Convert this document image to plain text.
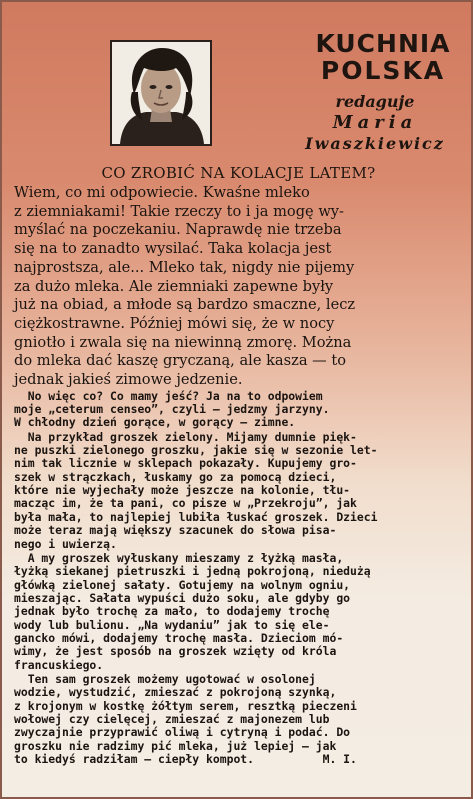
KUCHNIA
POLSKA
redaguje
Maria
Iwaszkiewicz
CO ZROBIĆ NA KOLACJE LATEM?

Wiem, co mi odpowiecie. Kwaśne mleko
z ziemniakami! Takie rzeczy to i ja mogę wy-
myślać na poczekaniu. Naprawdę nie trzeba
się na to zanadto wysilać. Taka kolacja jest
najprostsza, ale... Mleko tak, nigdy nie pijemy
za dużo mleka. Ale ziemniaki zapewne były
już na obiad, a młode są bardzo smaczne, lecz
ciężkostrawne. Później mówi się, że w nocy
gniotło i zwala się na niewinną zmorę. Można
do mleka dać kaszę gryczaną, ale kasza — to
jednak jakieś zimowe jedzenie.

No więc co? Co mamy jeść? Ja na to odpowiem
moje „ceterum censeo”, czyli — jedzmy jarzyny.
W chłodny dzień gorące, w gorący — zimne.

Na przykład groszek zielony. Mijamy dumnie pięk-
ne puszki zielonego groszku, jakie się w sezonie let-
nim tak licznie w sklepach pokazały. Kupujemy gro-
szek w strączkach, łuskamy go za pomocą dzieci,
które nie wyjechały może jeszcze na kolonie, tłu-
macząc im, że ta pani, co pisze w „Przekroju”, jak
była mała, to najlepiej lubiła łuskać groszek. Dzieci
może teraz mają większy szacunek do słowa pisa-
nego i uwierzą.

A my groszek wyłuskany mieszamy z łyżką masła,
łyżką siekanej pietruszki i jedną pokrojoną, niedużą
główką zielonej sałaty. Gotujemy na wolnym ogniu,
mieszając. Sałata wypuści dużo soku, ale gdyby go
jednak było trochę za mało, to dodajemy trochę
wody lub bulionu. „Na wydaniu” jak to się ele-
gancko mówi, dodajemy trochę masła. Dzieciom mó-
wimy, że jest sposób na groszek wzięty od króla
francuskiego.

Ten sam groszek możemy ugotować w osolonej
wodzie, wystudzić, zmieszać z pokrojoną szynką,
z krojonym w kostkę żółtym serem, resztką pieczeni
wołowej czy cielęcej, zmieszać z majonezem lub
zwyczajnie przyprawić oliwą i cytryną i podać. Do
groszku nie radzimy pić mleka, już lepiej — jak
to kiedyś radziłam — ciepły kompot.          M. I.
